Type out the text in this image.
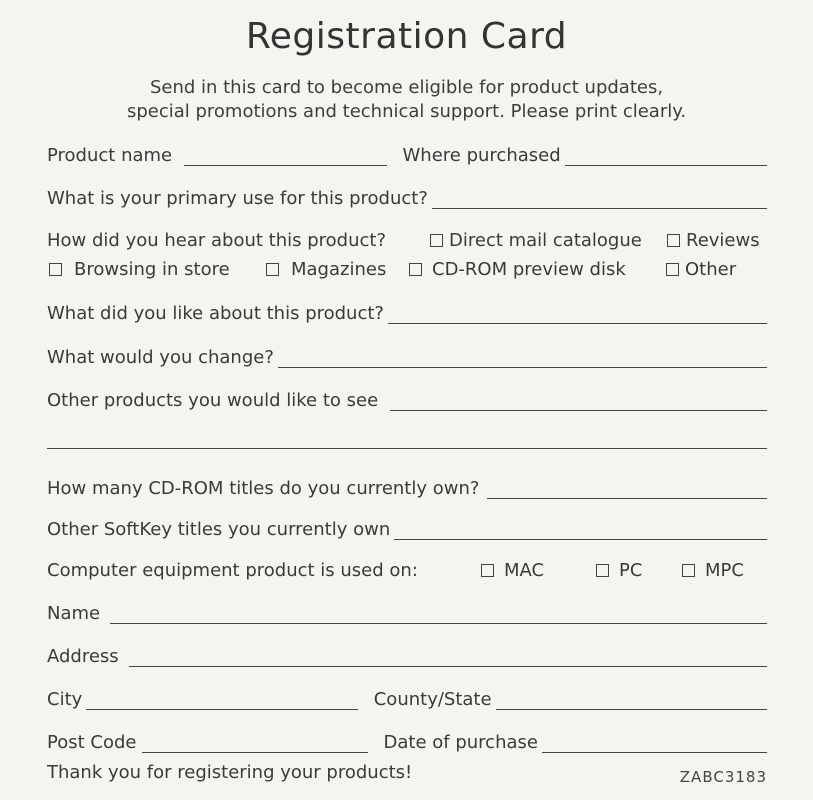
Registration Card
Send in this card to become eligible for product updates,
special promotions and technical support. Please print clearly.
Product name	Where purchased
What is your primary use for this product?
How did you hear about this product?	Direct mail catalogue	Reviews
Browsing in store	Magazines	CD-ROM preview disk	Other
What did you like about this product?
What would you change?
Other products you would like to see
How many CD-ROM titles do you currently own?
Other SoftKey titles you currently own
Computer equipment product is used on:	MAC	PC	MPC
Name
Address
City	County/State
Post Code	Date of purchase
Thank you for registering your products!	ZABC3183
